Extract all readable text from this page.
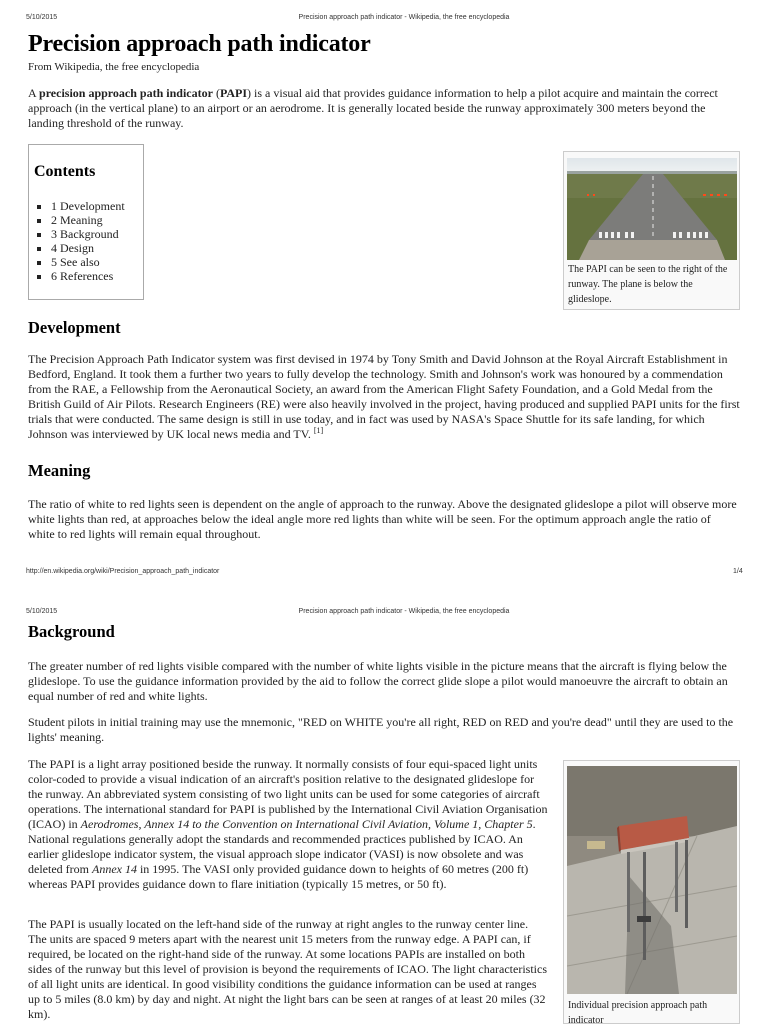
5/10/2015	Precision approach path indicator - Wikipedia, the free encyclopedia
Precision approach path indicator
From Wikipedia, the free encyclopedia

A precision approach path indicator (PAPI) is a visual aid that provides guidance information to help a pilot acquire and maintain the correct approach (in the vertical plane) to an airport or an aerodrome. It is generally located beside the runway approximately 300 meters beyond the landing threshold of the runway.

Contents
▪ 1 Development
▪ 2 Meaning
▪ 3 Background
▪ 4 Design
▪ 5 See also
▪ 6 References	The PAPI can be seen to the right of the runway. The plane is below the glideslope.
Development

The Precision Approach Path Indicator system was first devised in 1974 by Tony Smith and David Johnson at the Royal Aircraft Establishment in Bedford, England. It took them a further two years to fully develop the technology. Smith and Johnson's work was honoured by a commendation from the RAE, a Fellowship from the Aeronautical Society, an award from the American Flight Safety Foundation, and a Gold Medal from the British Guild of Air Pilots. Research Engineers (RE) were also heavily involved in the project, having produced and supplied PAPI units for the first trials that were conducted. The same design is still in use today, and in fact was used by NASA's Space Shuttle for its safe landing, for which Johnson was interviewed by UK local news media and TV. [1]

Meaning

The ratio of white to red lights seen is dependent on the angle of approach to the runway. Above the designated glideslope a pilot will observe more white lights than red, at approaches below the ideal angle more red lights than white will be seen. For the optimum approach angle the ratio of white to red lights will remain equal throughout.

http://en.wikipedia.org/wiki/Precision_approach_path_indicator	1/4
5/10/2015	Precision approach path indicator - Wikipedia, the free encyclopedia
Background

The greater number of red lights visible compared with the number of white lights visible in the picture means that the aircraft is flying below the glideslope. To use the guidance information provided by the aid to follow the correct glide slope a pilot would manoeuvre the aircraft to obtain an equal number of red and white lights.

Student pilots in initial training may use the mnemonic, "RED on WHITE you're all right, RED on RED and you're dead" until they are used to the lights' meaning.

The PAPI is a light array positioned beside the runway. It normally consists of four equi-spaced light units color-coded to provide a visual indication of an aircraft's position relative to the designated glideslope for the runway. An abbreviated system consisting of two light units can be used for some categories of aircraft operations. The international standard for PAPI is published by the International Civil Aviation Organisation (ICAO) in Aerodromes, Annex 14 to the Convention on International Civil Aviation, Volume 1, Chapter 5. National regulations generally adopt the standards and recommended practices published by ICAO. An earlier glideslope indicator system, the visual approach slope indicator (VASI) is now obsolete and was deleted from Annex 14 in 1995. The VASI only provided guidance down to heights of 60 metres (200 ft) whereas PAPI provides guidance down to flare initiation (typically 15 metres, or 50 ft).

The PAPI is usually located on the left-hand side of the runway at right angles to the runway center line. The units are spaced 9 meters apart with the nearest unit 15 meters from the runway edge. A PAPI can, if required, be located on the right-hand side of the runway. At some locations PAPIs are installed on both sides of the runway but this level of provision is beyond the requirements of ICAO. The light characteristics of all light units are identical. In good visibility conditions the guidance information can be used at ranges up to 5 miles (8.0 km) by day and night. At night the light bars can be seen at ranges of at least 20 miles (32 km).

Individual precision approach path indicator
